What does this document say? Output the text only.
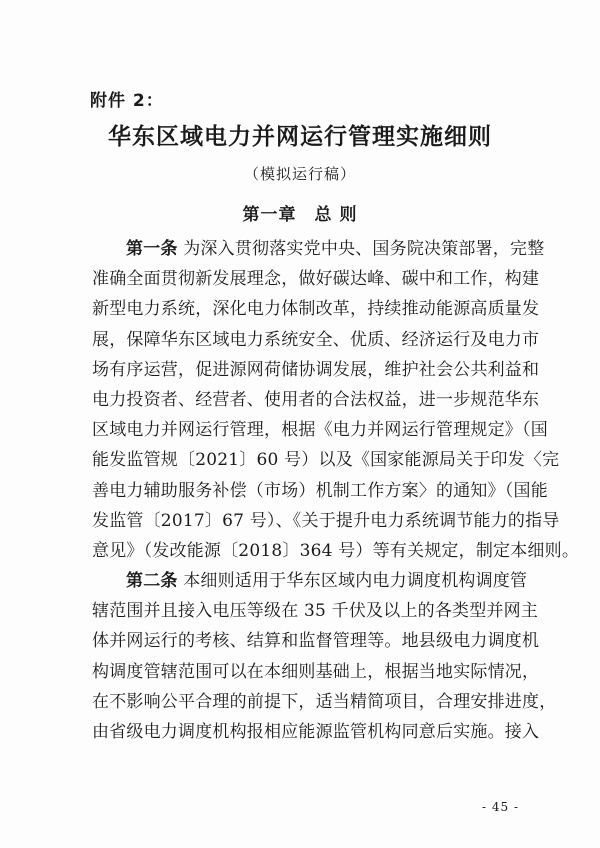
附件 2：
华东区域电力并网运行管理实施细则
（模拟运行稿）
第一章　总 则
第一条 为深入贯彻落实党中央、国务院决策部署，完整
准确全面贯彻新发展理念，做好碳达峰、碳中和工作，构建
新型电力系统，深化电力体制改革，持续推动能源高质量发
展，保障华东区域电力系统安全、优质、经济运行及电力市
场有序运营，促进源网荷储协调发展，维护社会公共利益和
电力投资者、经营者、使用者的合法权益，进一步规范华东
区域电力并网运行管理，根据《电力并网运行管理规定》（国
能发监管规〔2021〕60 号）以及《国家能源局关于印发〈完
善电力辅助服务补偿（市场）机制工作方案〉的通知》（国能
发监管〔2017〕67 号）、《关于提升电力系统调节能力的指导
意见》（发改能源〔2018〕364 号）等有关规定，制定本细则。
第二条 本细则适用于华东区域内电力调度机构调度管
辖范围并且接入电压等级在 35 千伏及以上的各类型并网主
体并网运行的考核、结算和监督管理等。地县级电力调度机
构调度管辖范围可以在本细则基础上，根据当地实际情况，
在不影响公平合理的前提下，适当精简项目，合理安排进度，
由省级电力调度机构报相应能源监管机构同意后实施。接入
- 45 -
